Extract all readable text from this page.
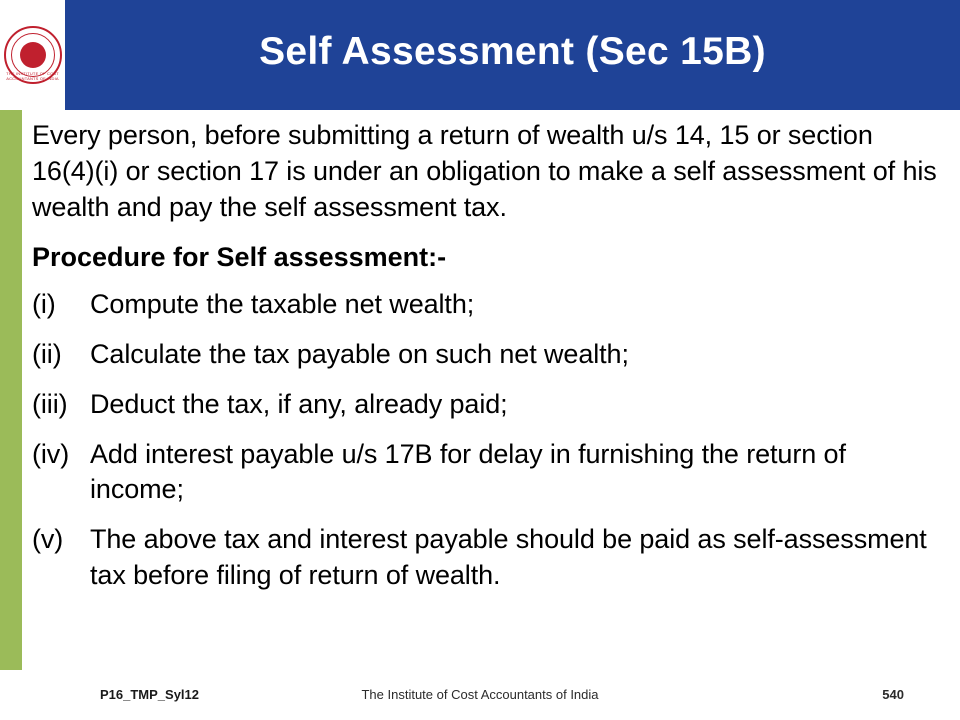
THE INSTITUTE OF COST ACCOUNTANTS OF INDIA
Self Assessment (Sec 15B)

Every person, before submitting a return of wealth u/s 14, 15 or section 16(4)(i) or section 17 is under an obligation to make a self assessment of his wealth and pay the self assessment tax.

Procedure for Self assessment:-

(i)	Compute the taxable net wealth;
(ii)	Calculate the tax payable on such net wealth;
(iii) Deduct the tax, if any, already paid;
(iv) Add interest payable u/s 17B for delay in furnishing the return of income;
(v) The above tax and interest payable should be paid as self-assessment tax before filing of return of wealth.
P16_TMP_Syl12	The Institute of Cost Accountants of India	540
